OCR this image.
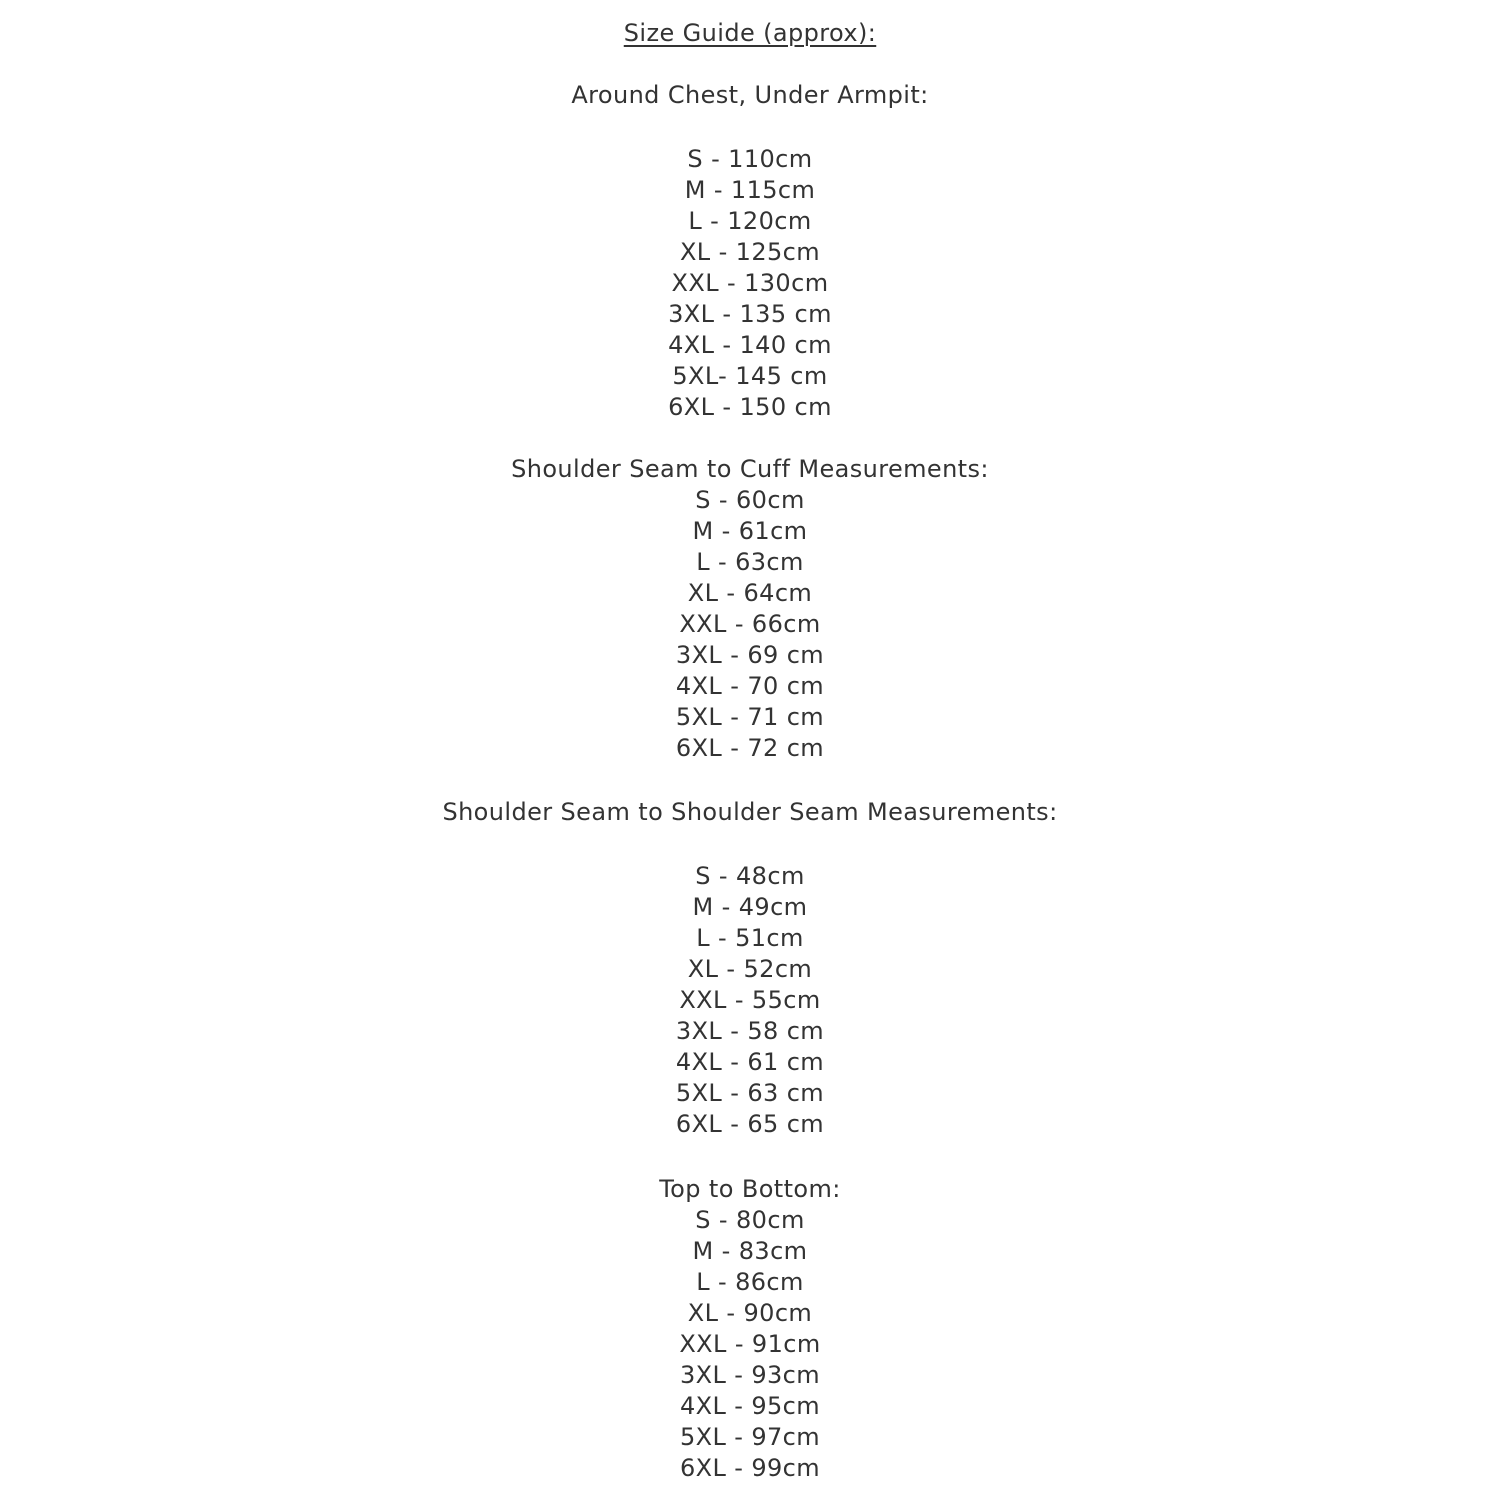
Size Guide (approx):
Around Chest, Under Armpit:
S - 110cm
M - 115cm
L - 120cm
XL - 125cm
XXL - 130cm
3XL - 135 cm
4XL - 140 cm
5XL- 145 cm
6XL - 150 cm
Shoulder Seam to Cuff Measurements:
S - 60cm
M - 61cm
L - 63cm
XL - 64cm
XXL - 66cm
3XL - 69 cm
4XL - 70 cm
5XL - 71 cm
6XL - 72 cm
Shoulder Seam to Shoulder Seam Measurements:
S - 48cm
M - 49cm
L - 51cm
XL - 52cm
XXL - 55cm
3XL - 58 cm
4XL - 61 cm
5XL - 63 cm
6XL - 65 cm
Top to Bottom:
S - 80cm
M - 83cm
L - 86cm
XL - 90cm
XXL - 91cm
3XL - 93cm
4XL - 95cm
5XL - 97cm
6XL - 99cm
